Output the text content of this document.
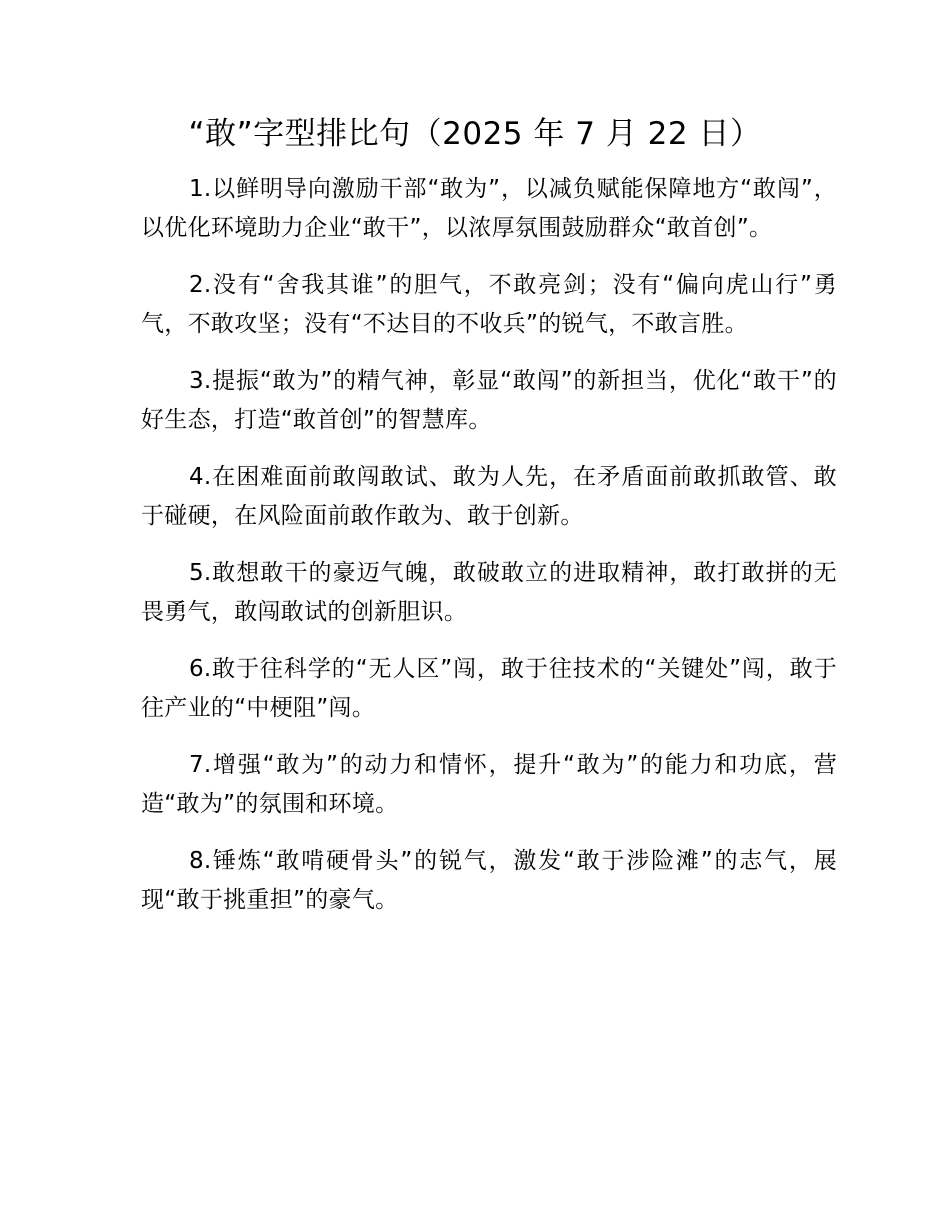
“敢”字型排比句（2025 年 7 月 22 日）

1.以鲜明导向激励干部“敢为”，以减负赋能保障地方“敢闯”，以优化环境助力企业“敢干”，以浓厚氛围鼓励群众“敢首创”。

2.没有“舍我其谁”的胆气，不敢亮剑；没有“偏向虎山行”勇气，不敢攻坚；没有“不达目的不收兵”的锐气，不敢言胜。

3.提振“敢为”的精气神，彰显“敢闯”的新担当，优化“敢干”的好生态，打造“敢首创”的智慧库。

4.在困难面前敢闯敢试、敢为人先，在矛盾面前敢抓敢管、敢于碰硬，在风险面前敢作敢为、敢于创新。

5.敢想敢干的豪迈气魄，敢破敢立的进取精神，敢打敢拼的无畏勇气，敢闯敢试的创新胆识。

6.敢于往科学的“无人区”闯，敢于往技术的“关键处”闯，敢于往产业的“中梗阻”闯。

7.增强“敢为”的动力和情怀，提升“敢为”的能力和功底，营造“敢为”的氛围和环境。

8.锤炼“敢啃硬骨头”的锐气，激发“敢于涉险滩”的志气，展现“敢于挑重担”的豪气。
